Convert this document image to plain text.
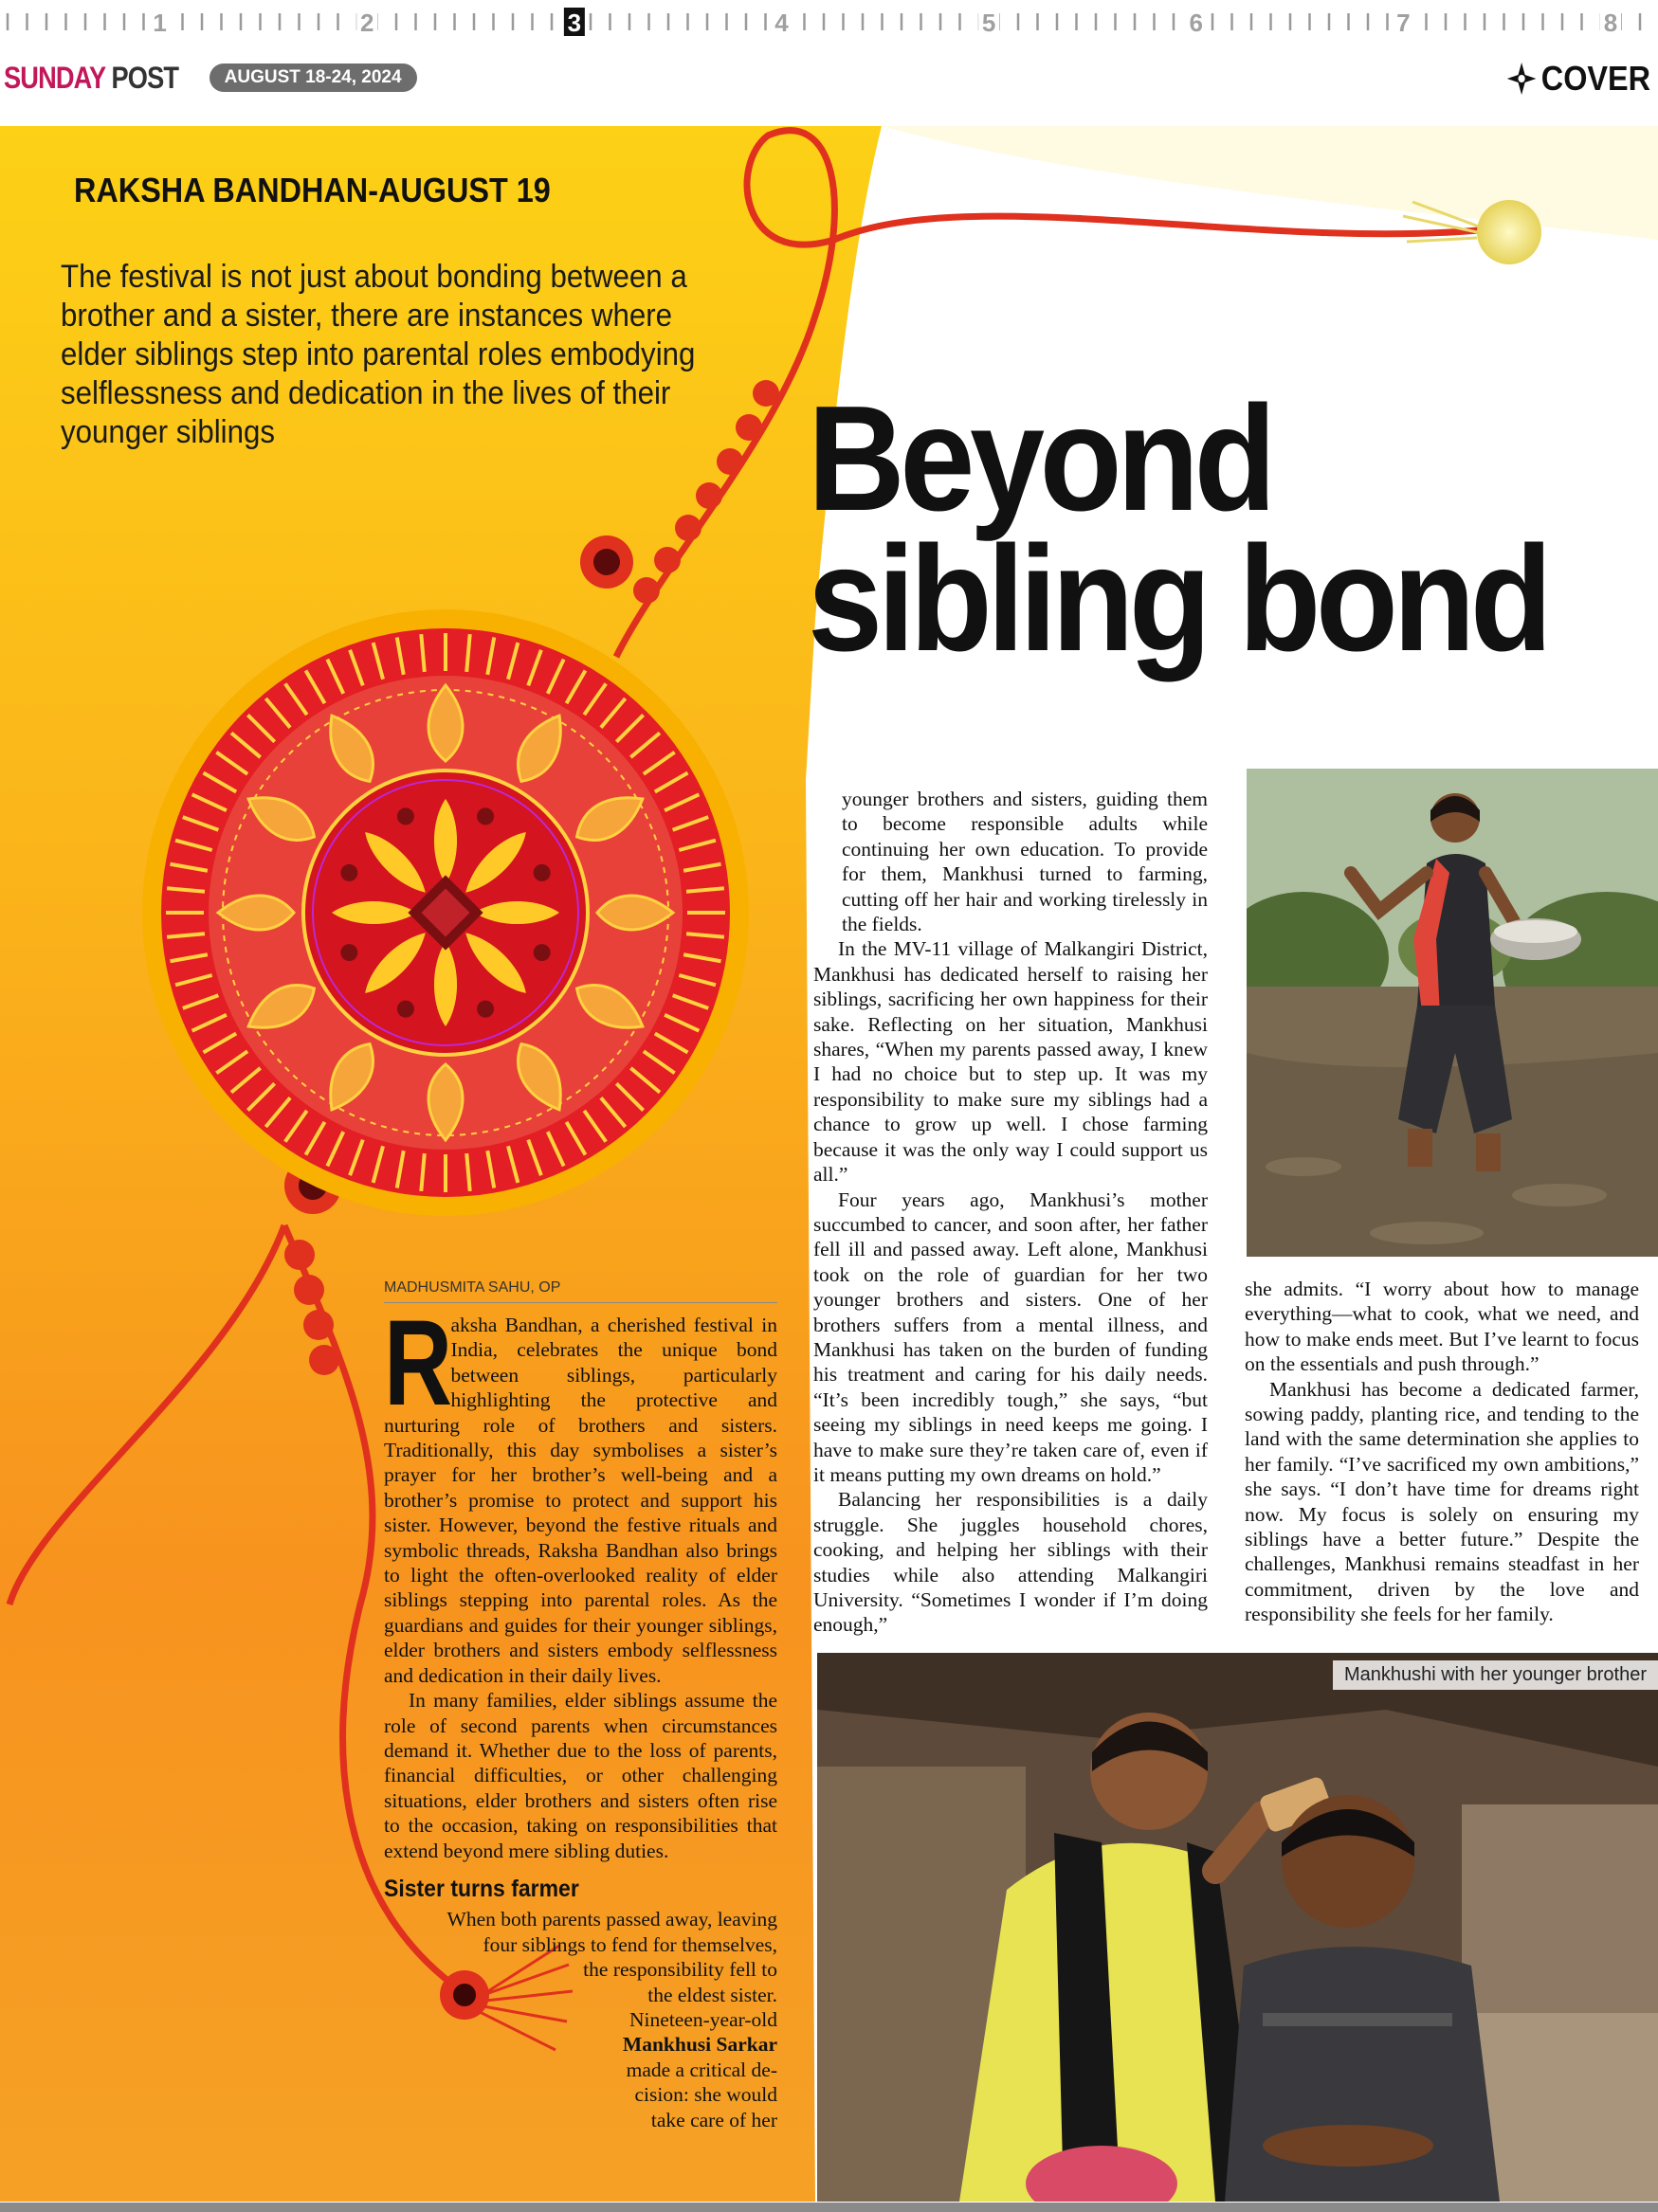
1	2	3	4	5	6	7	8
SUNDAY POST	AUGUST 18-24, 2024	COVER
RAKSHA BANDHAN-AUGUST 19
The festival is not just about bonding between a brother and a sister, there are instances where elder siblings step into parental roles embodying selflessness and dedication in the lives of their younger siblings	Beyond
sibling bond
MADHUSMITA SAHU, OP

R
aksha Bandhan, a cherished festival in India, celebrates the unique bond between siblings, particularly highlighting the protective and nurturing role of brothers and sisters. Traditionally, this day symbolises a sister’s prayer for her brother’s well-being and a brother’s promise to protect and support his sister. However, beyond the festive rituals and symbolic threads, Raksha Bandhan also brings to light the often-overlooked reality of elder siblings stepping into parental roles. As the guardians and guides for their younger siblings, elder brothers and sisters embody selflessness and dedication in their daily lives.

In many families, elder siblings assume the role of second parents when circumstances demand it. Whether due to the loss of parents, financial difficulties, or other challenging situations, elder brothers and sisters often rise to the occasion, taking on responsibilities that extend beyond mere sibling duties.

Sister turns farmer
When both parents passed away, leaving
four siblings to fend for themselves,
the responsibility fell to
the eldest sister.
Nineteen-year-old
Mankhusi Sarkar
made a critical de-
cision: she would
take care of her

younger brothers and sisters, guiding them to become responsible adults while continuing her own education. To provide for them, Mankhusi turned to farming, cutting off her hair and working tirelessly in the fields.

In the MV-11 village of Malkangiri District, Mankhusi has dedicated herself to raising her siblings, sacrificing her own happiness for their sake. Reflecting on her situation, Mankhusi shares, “When my parents passed away, I knew I had no choice but to step up. It was my responsibility to make sure my siblings had a chance to grow up well. I chose farming because it was the only way I could support us all.”

Four years ago, Mankhusi’s mother succumbed to cancer, and soon after, her father fell ill and passed away. Left alone, Mankhusi took on the role of guardian for her two younger brothers and sisters. One of her brothers suffers from a mental illness, and Mankhusi has taken on the burden of funding his treatment and caring for his daily needs. “It’s been incredibly tough,” she says, “but seeing my siblings in need keeps me going. I have to make sure they’re taken care of, even if it means putting my own dreams on hold.”

Balancing her responsibilities is a daily struggle. She juggles household chores, cooking, and helping her siblings with their studies while also attending Malkangiri University. “Sometimes I wonder if I’m doing enough,”

she admits. “I worry about how to manage everything—what to cook, what we need, and how to make ends meet. But I’ve learnt to focus on the essentials and push through.”

Mankhusi has become a dedicated farmer, sowing paddy, planting rice, and tending to the land with the same determination she applies to her family. “I’ve sacrificed my own ambitions,” she says. “I don’t have time for dreams right now. My focus is solely on ensuring my siblings have a better future.” Despite the challenges, Mankhusi remains steadfast in her commitment, driven by the love and responsibility she feels for her family.

Mankhushi with her younger brother
